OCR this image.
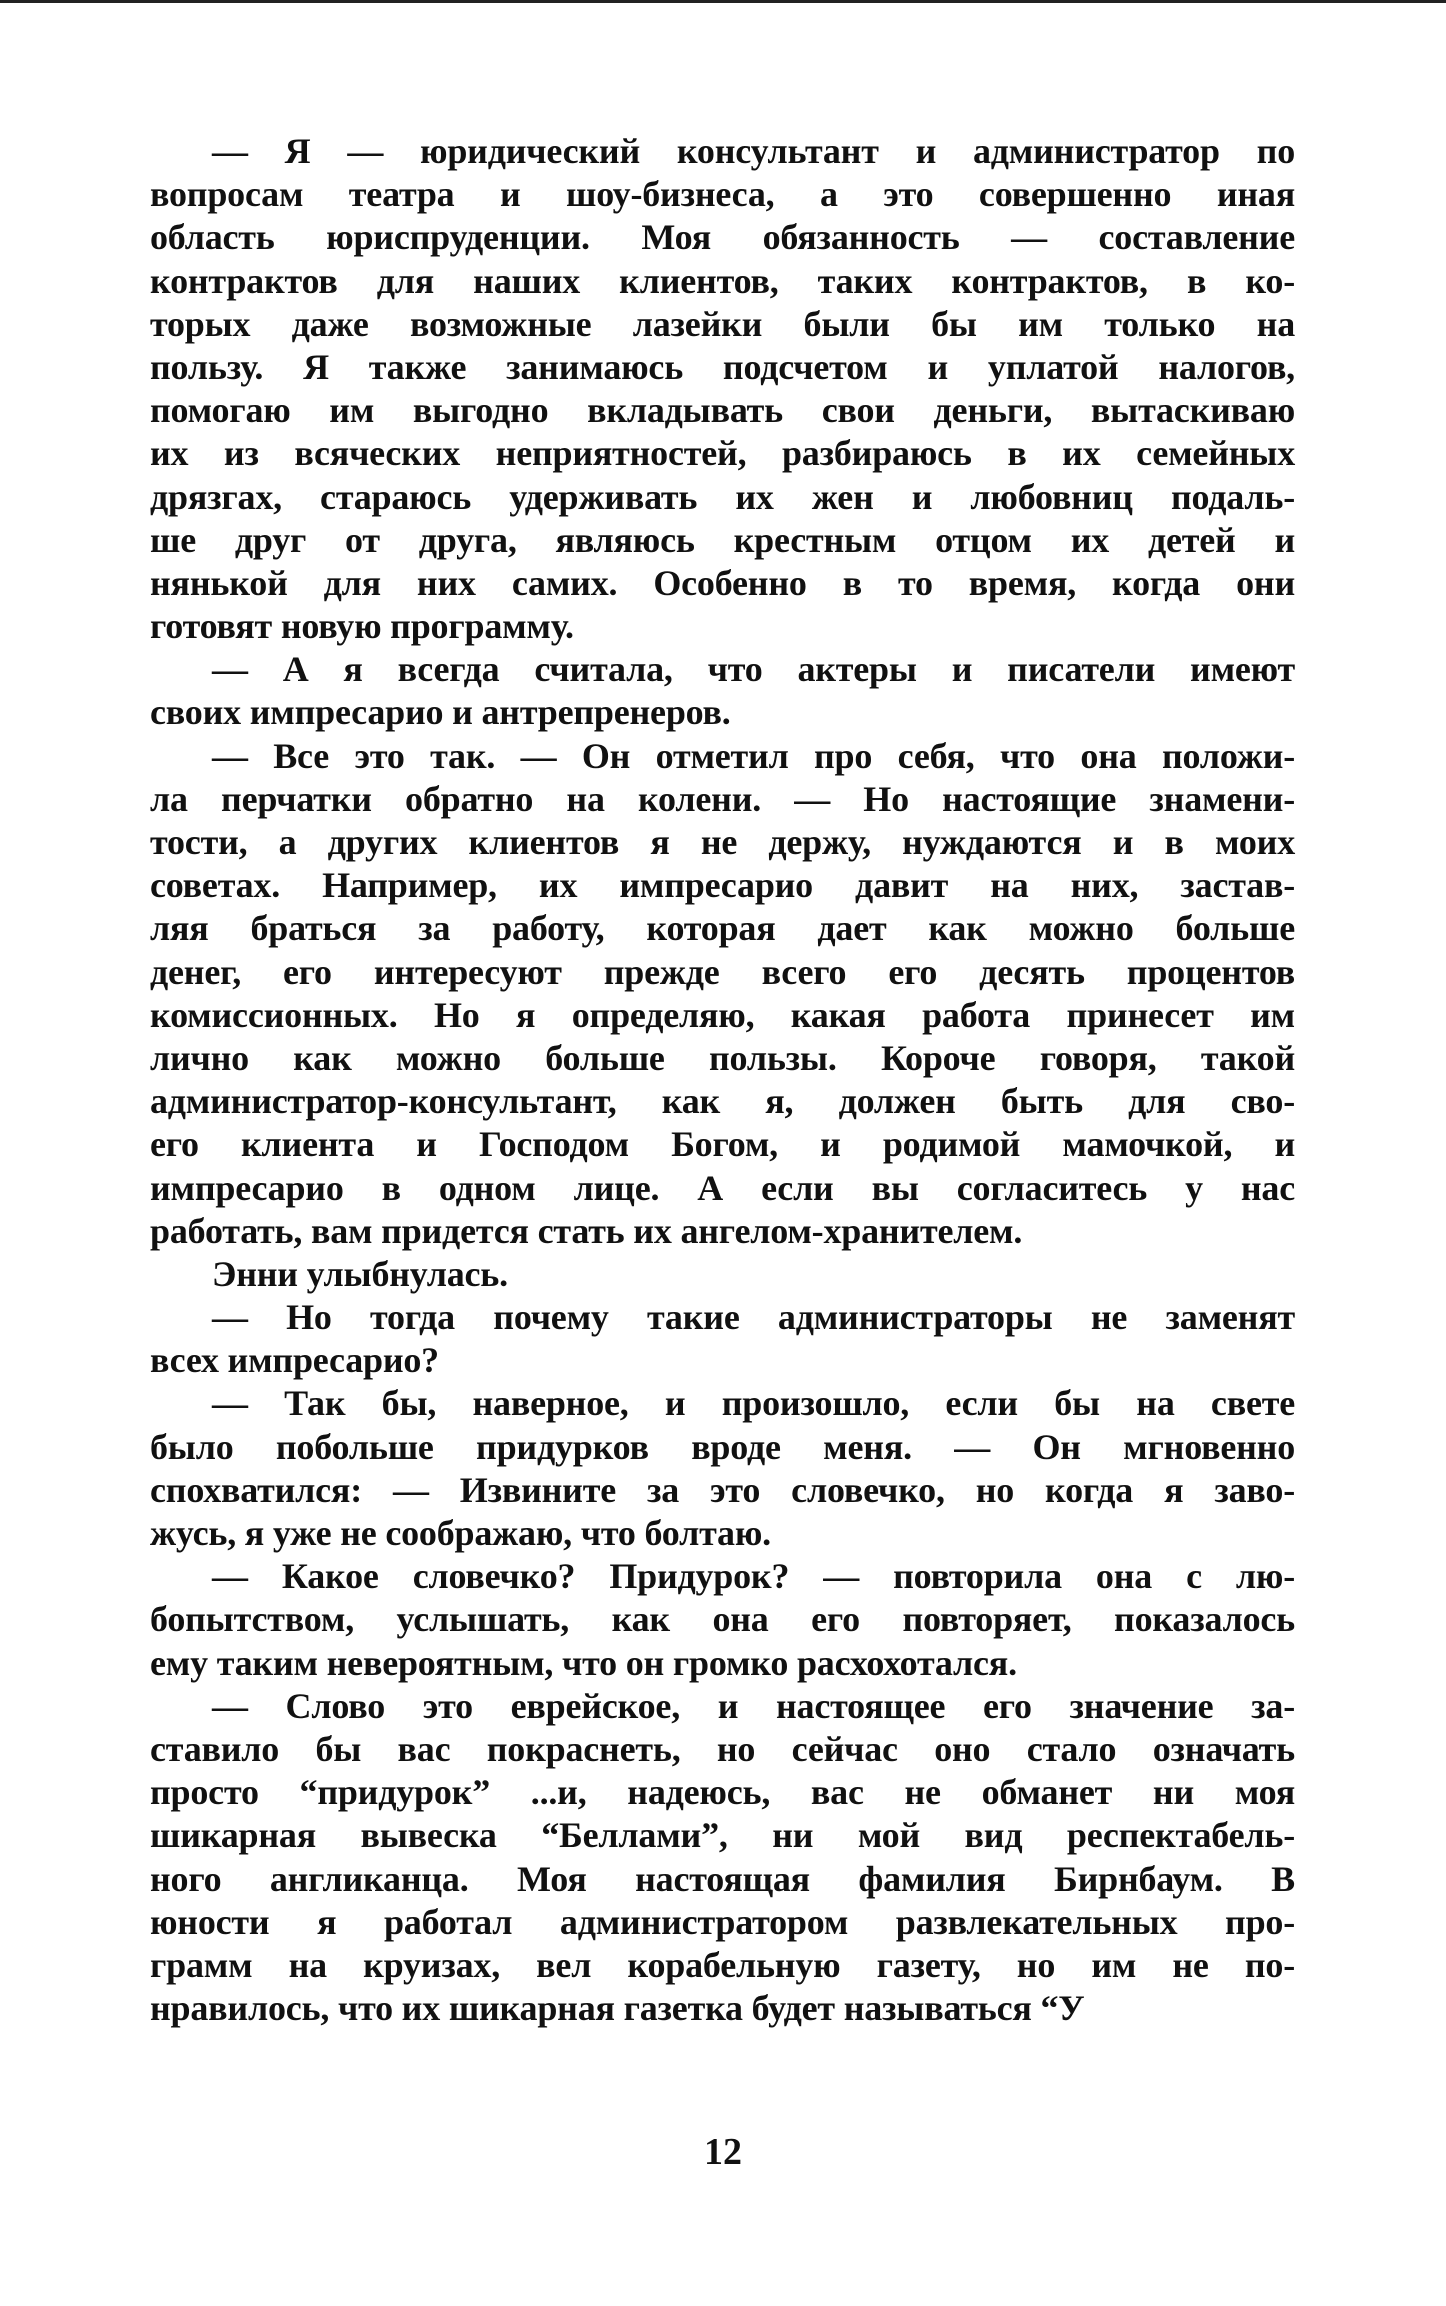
— Я — юридический консультант и администратор по
вопросам театра и шоу-бизнеса, а это совершенно иная
область юриспруденции. Моя обязанность — составление
контрактов для наших клиентов, таких контрактов, в ко-
торых даже возможные лазейки были бы им только на
пользу. Я также занимаюсь подсчетом и уплатой налогов,
помогаю им выгодно вкладывать свои деньги, вытаскиваю
их из всяческих неприятностей, разбираюсь в их семейных
дрязгах, стараюсь удерживать их жен и любовниц подаль-
ше друг от друга, являюсь крестным отцом их детей и
нянькой для них самих. Особенно в то время, когда они
готовят новую программу.
— А я всегда считала, что актеры и писатели имеют
своих импресарио и антрепренеров.
— Все это так. — Он отметил про себя, что она положи-
ла перчатки обратно на колени. — Но настоящие знамени-
тости, а других клиентов я не держу, нуждаются и в моих
советах. Например, их импресарио давит на них, застав-
ляя браться за работу, которая дает как можно больше
денег, его интересуют прежде всего его десять процентов
комиссионных. Но я определяю, какая работа принесет им
лично как можно больше пользы. Короче говоря, такой
администратор-консультант, как я, должен быть для сво-
его клиента и Господом Богом, и родимой мамочкой, и
импресарио в одном лице. А если вы согласитесь у нас
работать, вам придется стать их ангелом-хранителем.
Энни улыбнулась.
— Но тогда почему такие администраторы не заменят
всех импресарио?
— Так бы, наверное, и произошло, если бы на свете
было побольше придурков вроде меня. — Он мгновенно
спохватился: — Извините за это словечко, но когда я заво-
жусь, я уже не соображаю, что болтаю.
— Какое словечко? Придурок? — повторила она с лю-
бопытством, услышать, как она его повторяет, показалось
ему таким невероятным, что он громко расхохотался.
— Слово это еврейское, и настоящее его значение за-
ставило бы вас покраснеть, но сейчас оно стало означать
просто “придурок” ...и, надеюсь, вас не обманет ни моя
шикарная вывеска “Беллами”, ни мой вид респектабель-
ного англиканца. Моя настоящая фамилия Бирнбаум. В
юности я работал администратором развлекательных про-
грамм на круизах, вел корабельную газету, но им не по-
нравилось, что их шикарная газетка будет называться “У
12
